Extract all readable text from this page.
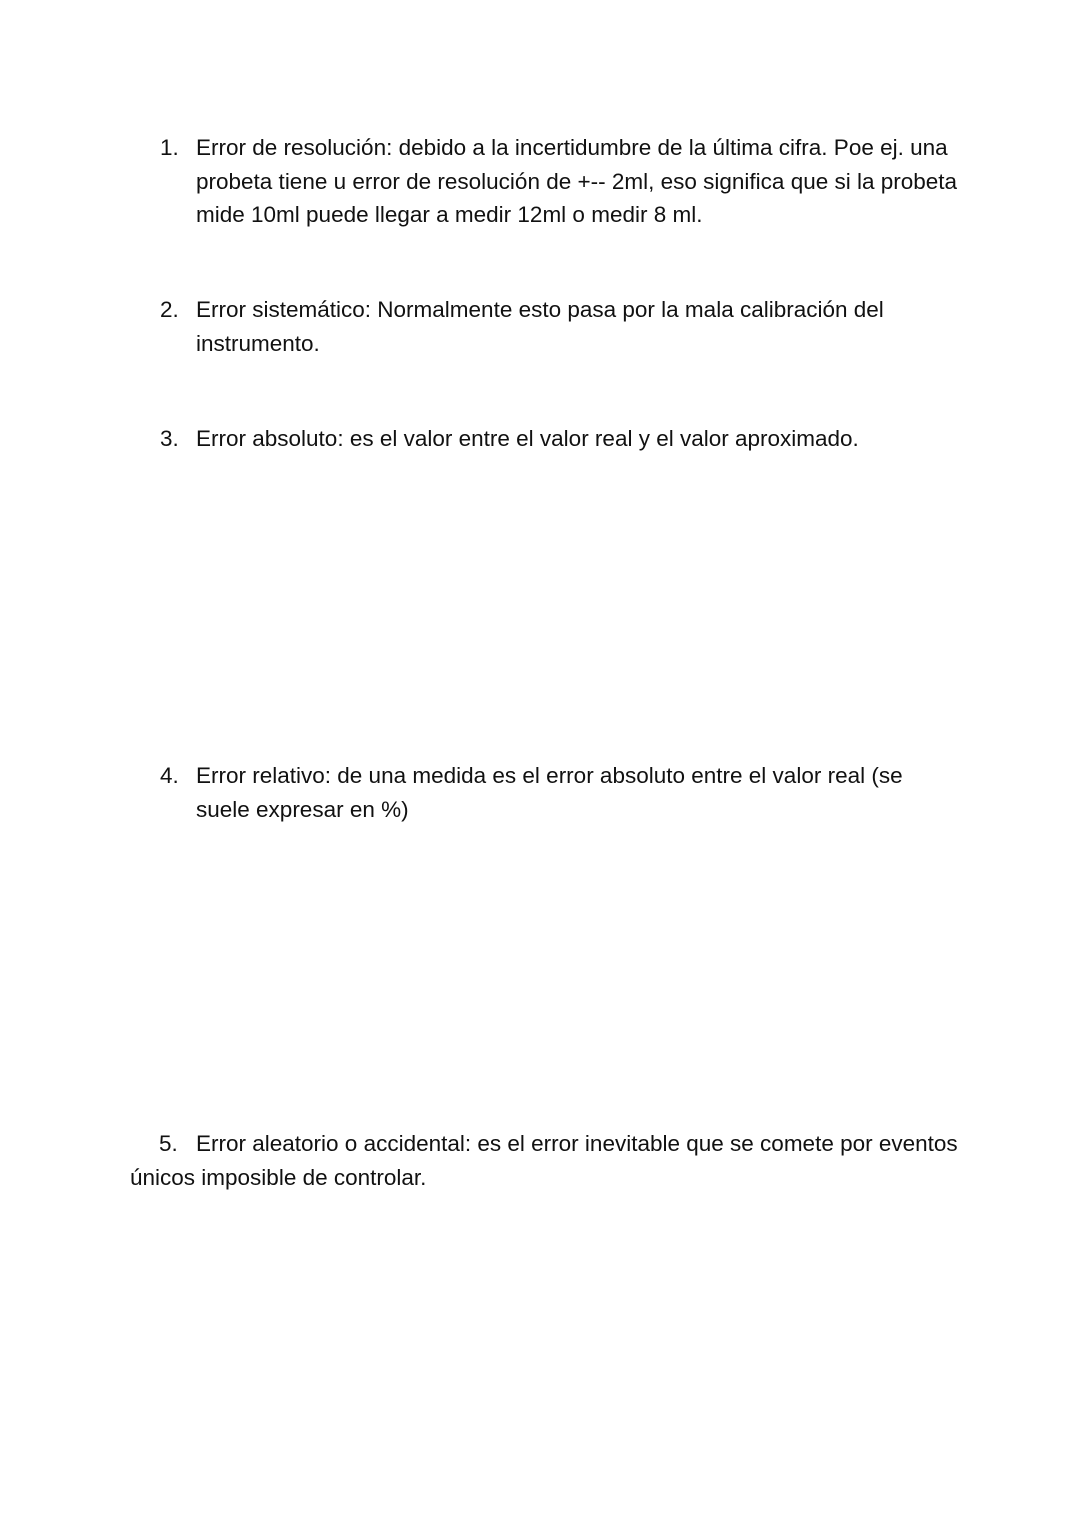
1. Error de resolución: debido a la incertidumbre de la última cifra. Poe ej. una probeta tiene u error de resolución de +-- 2ml, eso significa que si la probeta mide 10ml puede llegar a medir 12ml o medir 8 ml.
2. Error sistemático: Normalmente esto pasa por la mala calibración del instrumento.
3. Error absoluto: es el valor entre el valor real y el valor aproximado.
4. Error relativo: de una medida es el error absoluto entre el valor real (se suele expresar en %)
5. Error aleatorio o accidental: es el error inevitable que se comete por eventos únicos imposible de controlar.
